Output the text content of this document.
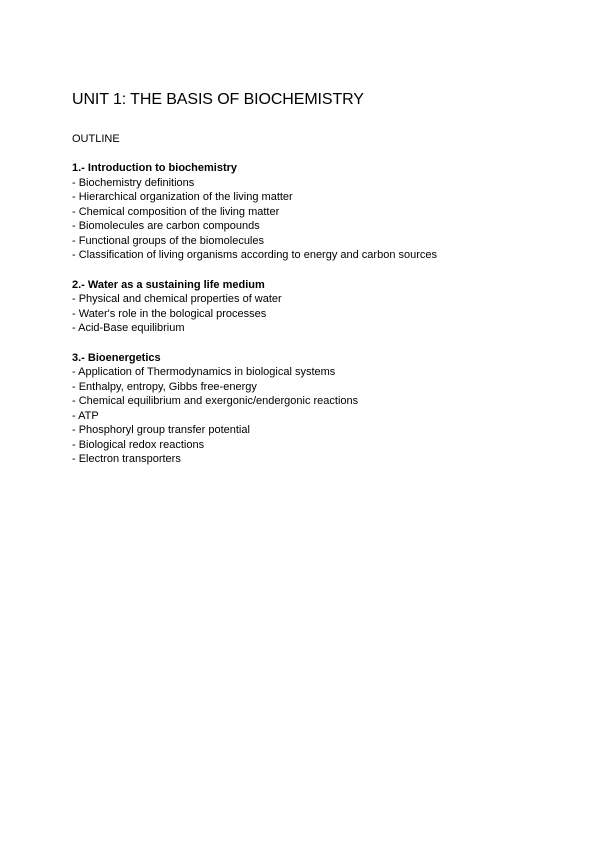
UNIT 1: THE BASIS OF BIOCHEMISTRY
OUTLINE
1.- Introduction to biochemistry
- Biochemistry definitions
- Hierarchical organization of the living matter
- Chemical composition of the living matter
- Biomolecules are carbon compounds
- Functional groups of the biomolecules
- Classification of living organisms according to energy and carbon sources
2.- Water as a sustaining life medium
- Physical and chemical properties of water
- Water's role in the bological processes
- Acid-Base equilibrium
3.- Bioenergetics
- Application of Thermodynamics in biological systems
- Enthalpy, entropy, Gibbs free-energy
- Chemical equilibrium and exergonic/endergonic reactions
- ATP
- Phosphoryl group transfer potential
- Biological redox reactions
- Electron transporters
